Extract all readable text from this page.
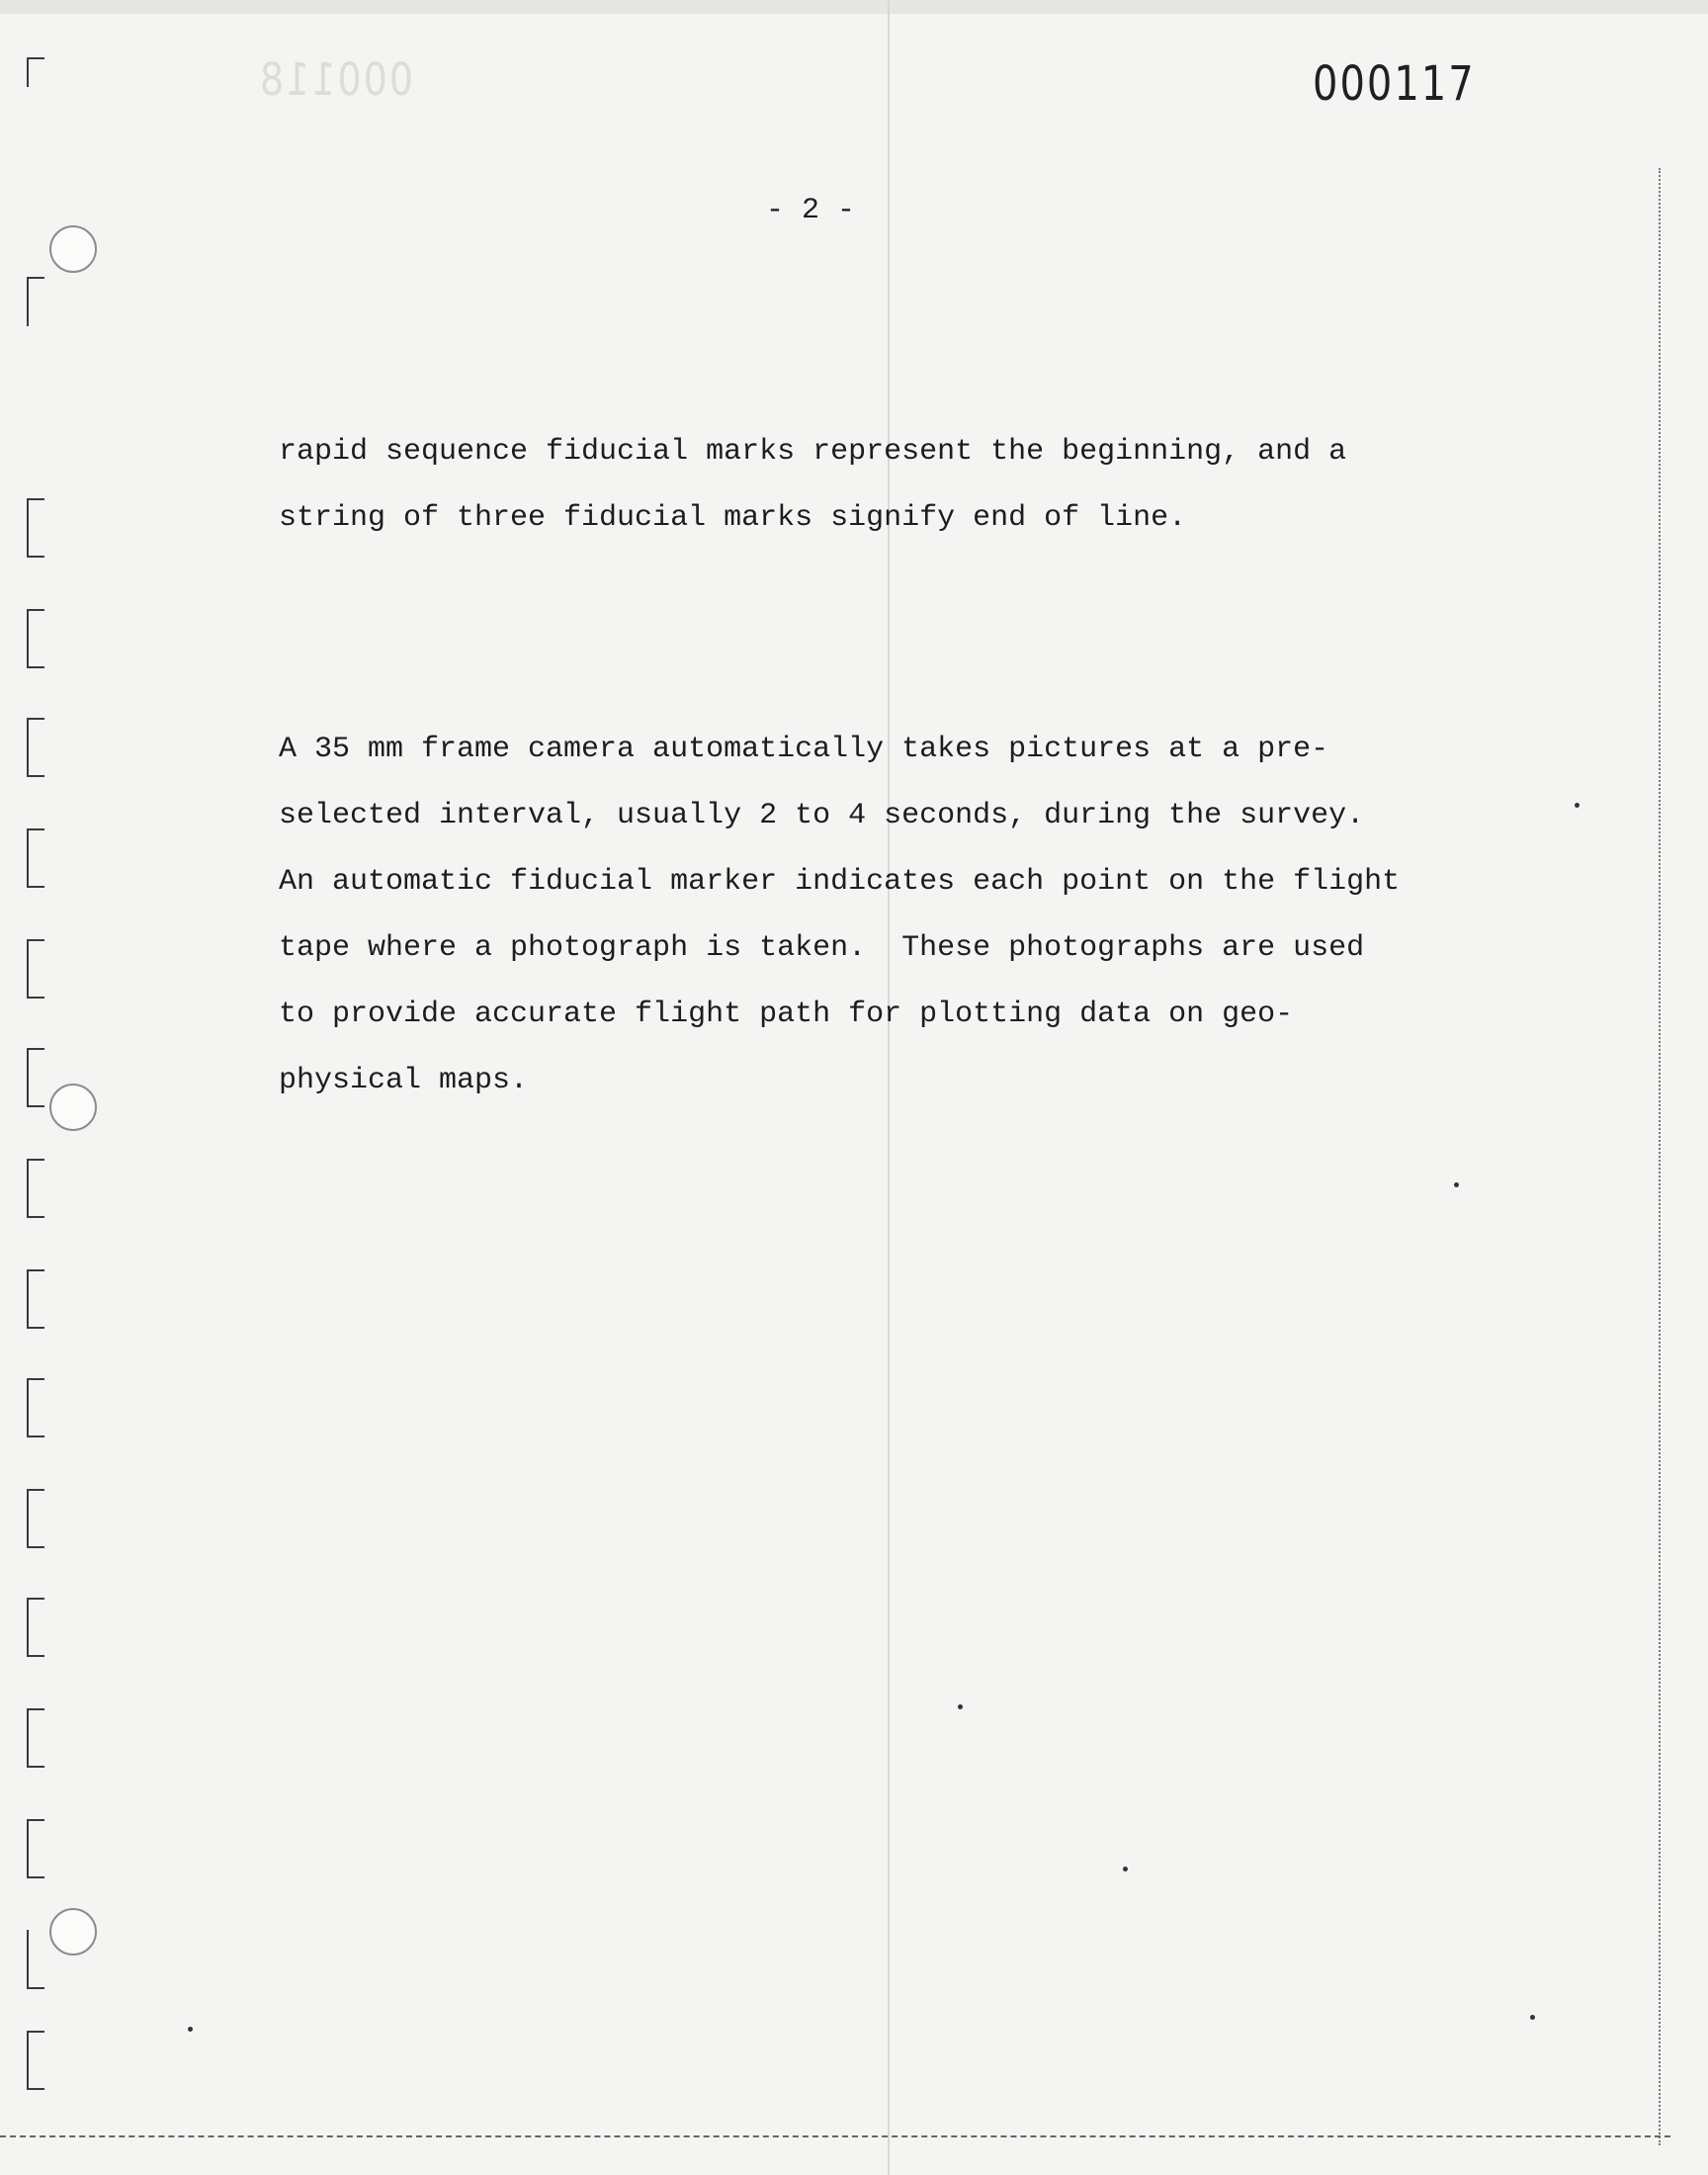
000118	000117
- 2 -

rapid sequence fiducial marks represent the beginning, and a
string of three fiducial marks signify end of line.

A 35 mm frame camera automatically takes pictures at a pre-
selected interval, usually 2 to 4 seconds, during the survey.
An automatic fiducial marker indicates each point on the flight
tape where a photograph is taken.  These photographs are used
to provide accurate flight path for plotting data on geo-
physical maps.
